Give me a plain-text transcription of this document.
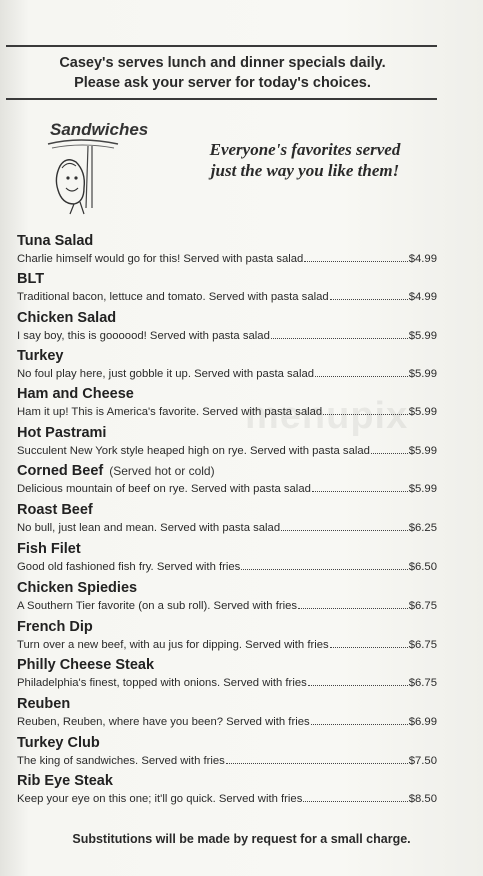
Casey's serves lunch and dinner specials daily.
Please ask your server for today's choices.
Sandwiches
Everyone's favorites served
just the way you like them!
menupix
Tuna Salad
Charlie himself would go for this! Served with pasta salad	$4.99
BLT
Traditional bacon, lettuce and tomato. Served with pasta salad	$4.99
Chicken Salad
I say boy, this is goooood! Served with pasta salad	$5.99
Turkey
No foul play here, just gobble it up. Served with pasta salad	$5.99
Ham and Cheese
Ham it up! This is America's favorite. Served with pasta salad	$5.99
Hot Pastrami
Succulent New York style heaped high on rye. Served with pasta salad	$5.99
Corned Beef (Served hot or cold)
Delicious mountain of beef on rye. Served with pasta salad	$5.99
Roast Beef
No bull, just lean and mean. Served with pasta salad	$6.25
Fish Filet
Good old fashioned fish fry. Served with fries	$6.50
Chicken Spiedies
A Southern Tier favorite (on a sub roll). Served with fries	$6.75
French Dip
Turn over a new beef, with au jus for dipping. Served with fries	$6.75
Philly Cheese Steak
Philadelphia's finest, topped with onions. Served with fries	$6.75
Reuben
Reuben, Reuben, where have you been? Served with fries	$6.99
Turkey Club
The king of sandwiches. Served with fries	$7.50
Rib Eye Steak
Keep your eye on this one; it'll go quick. Served with fries	$8.50
Substitutions will be made by request for a small charge.
